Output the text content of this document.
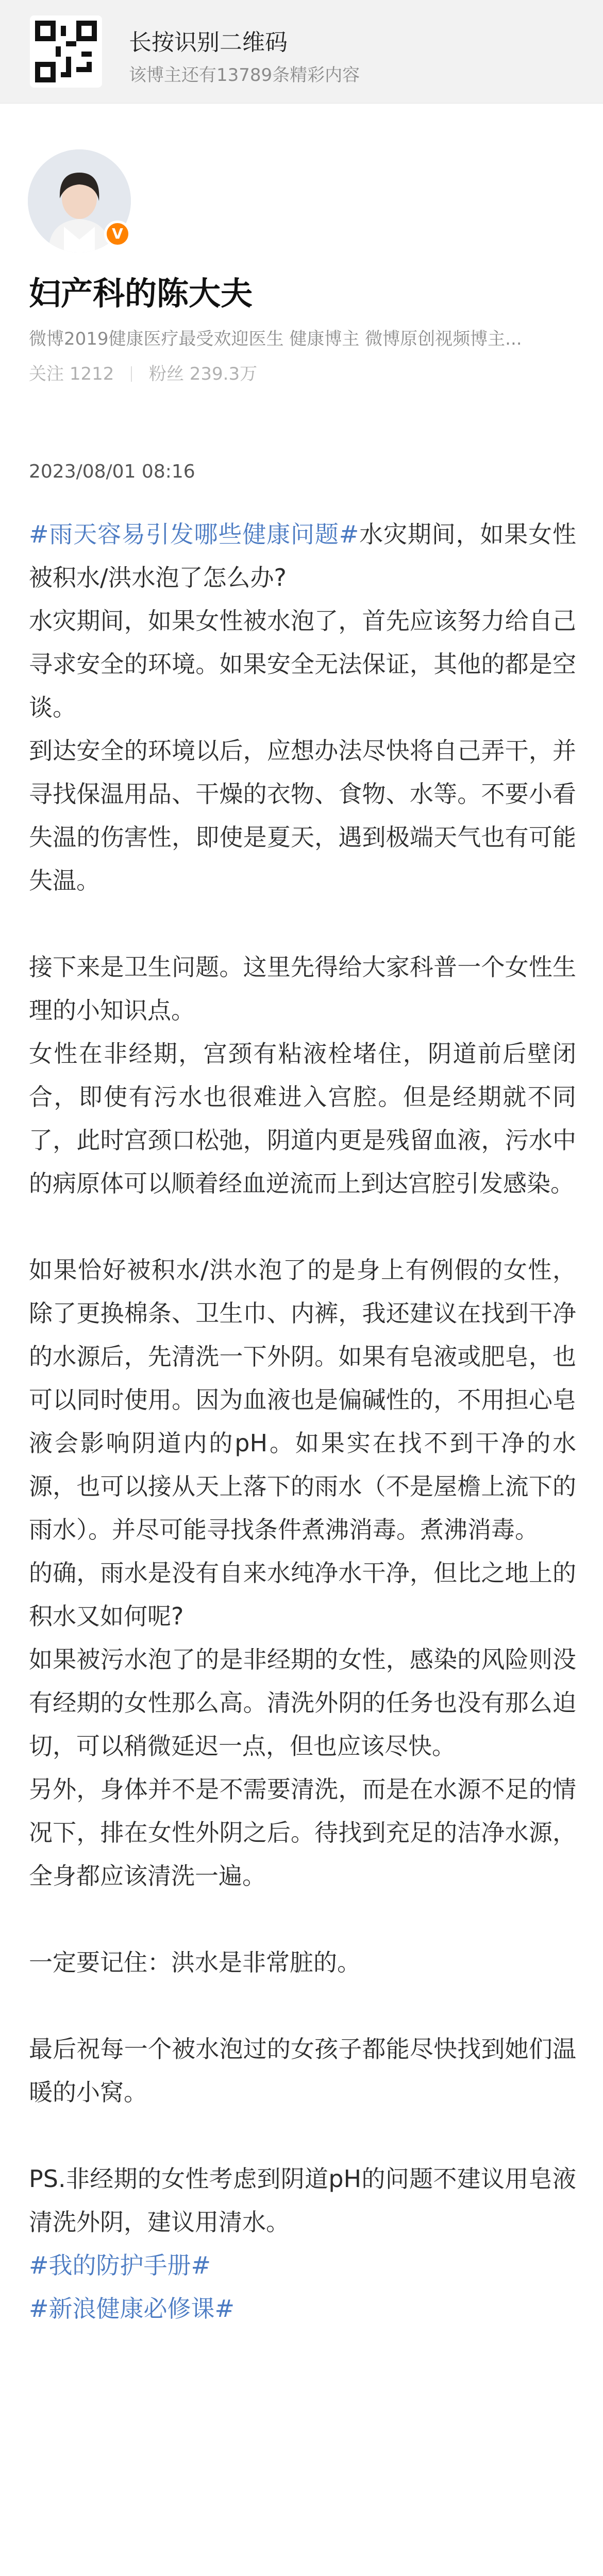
长按识别二维码
该博主还有13789条精彩内容
V
妇产科的陈大夫
微博2019健康医疗最受欢迎医生 健康博主 微博原创视频博主...
关注 1212 粉丝 239.3万
2023/08/01 08:16

#雨天容易引发哪些健康问题#水灾期间，如果女性被积水/洪水泡了怎么办?

水灾期间，如果女性被水泡了，首先应该努力给自己寻求安全的环境。如果安全无法保证，其他的都是空谈。

到达安全的环境以后，应想办法尽快将自己弄干，并寻找保温用品、干燥的衣物、食物、水等。不要小看失温的伤害性，即使是夏天，遇到极端天气也有可能失温。

接下来是卫生问题。这里先得给大家科普一个女性生理的小知识点。

女性在非经期，宫颈有粘液栓堵住，阴道前后壁闭合，即使有污水也很难进入宫腔。但是经期就不同了，此时宫颈口松弛，阴道内更是残留血液，污水中的病原体可以顺着经血逆流而上到达宫腔引发感染。

如果恰好被积水/洪水泡了的是身上有例假的女性，除了更换棉条、卫生巾、内裤，我还建议在找到干净的水源后，先清洗一下外阴。如果有皂液或肥皂，也可以同时使用。因为血液也是偏碱性的，不用担心皂液会影响阴道内的pH。如果实在找不到干净的水源，也可以接从天上落下的雨水（不是屋檐上流下的雨水）。并尽可能寻找条件煮沸消毒。煮沸消毒。

的确，雨水是没有自来水纯净水干净，但比之地上的积水又如何呢?

如果被污水泡了的是非经期的女性，感染的风险则没有经期的女性那么高。清洗外阴的任务也没有那么迫切，可以稍微延迟一点，但也应该尽快。

另外，身体并不是不需要清洗，而是在水源不足的情况下，排在女性外阴之后。待找到充足的洁净水源，全身都应该清洗一遍。

一定要记住：洪水是非常脏的。

最后祝每一个被水泡过的女孩子都能尽快找到她们温暖的小窝。

PS.非经期的女性考虑到阴道pH的问题不建议用皂液清洗外阴，建议用清水。

#我的防护手册#

#新浪健康必修课#
